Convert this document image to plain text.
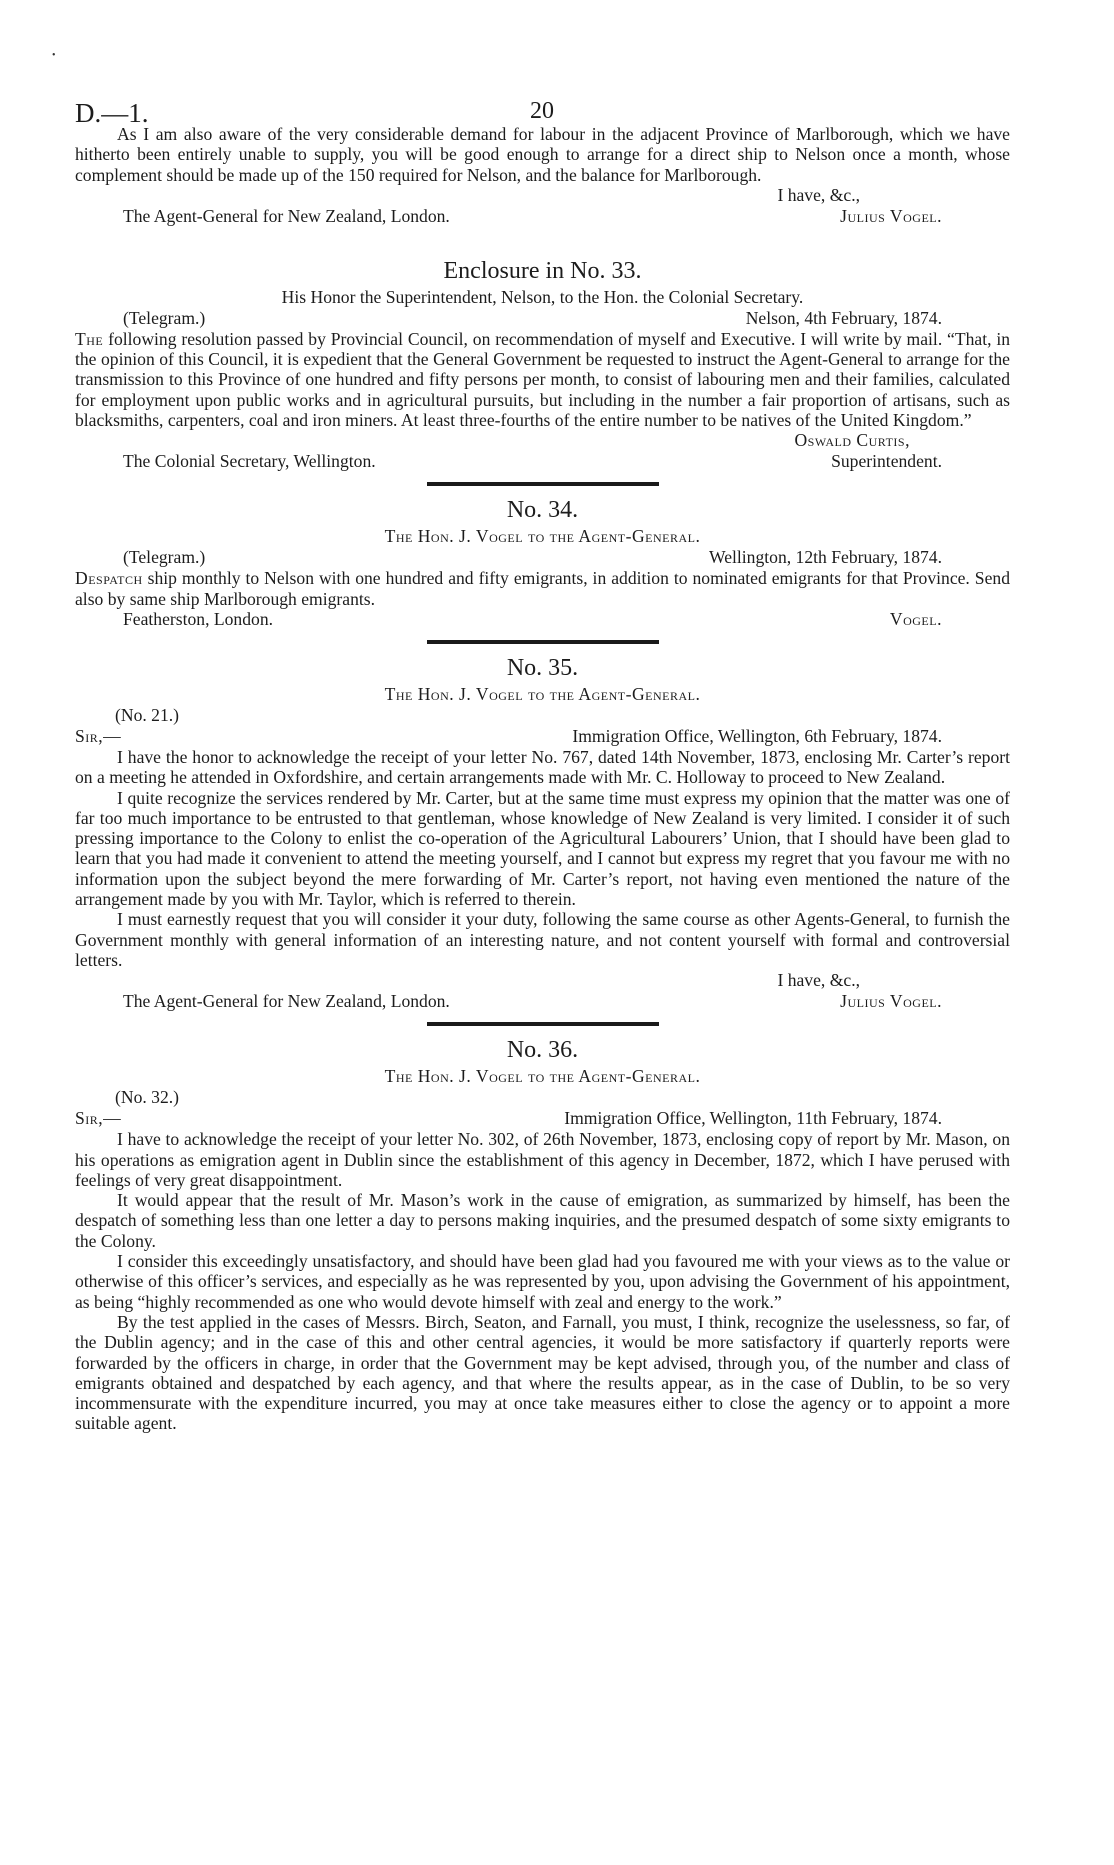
•
D.—1.	20

As I am also aware of the very considerable demand for labour in the adjacent Province of Marlborough, which we have hitherto been entirely unable to supply, you will be good enough to arrange for a direct ship to Nelson once a month, whose complement should be made up of the 150 required for Nelson, and the balance for Marlborough.

I have, &c.,
The Agent-General for New Zealand, London.	Julius Vogel.
Enclosure in No. 33.
His Honor the Superintendent, Nelson, to the Hon. the Colonial Secretary.
(Telegram.)	Nelson, 4th February, 1874.

The following resolution passed by Provincial Council, on recommendation of myself and Executive. I will write by mail. “That, in the opinion of this Council, it is expedient that the General Government be requested to instruct the Agent-General to arrange for the transmission to this Province of one hundred and fifty persons per month, to consist of labouring men and their families, calculated for employment upon public works and in agricultural pursuits, but including in the number a fair proportion of artisans, such as blacksmiths, carpenters, coal and iron miners. At least three-fourths of the entire number to be natives of the United Kingdom.”

Oswald Curtis,
The Colonial Secretary, Wellington.	Superintendent.
No. 34.
The Hon. J. Vogel to the Agent-General.
(Telegram.)	Wellington, 12th February, 1874.

Despatch ship monthly to Nelson with one hundred and fifty emigrants, in addition to nominated emigrants for that Province. Send also by same ship Marlborough emigrants.

Featherston, London.	Vogel.
No. 35.
The Hon. J. Vogel to the Agent-General.
(No. 21.)
Sir,—	Immigration Office, Wellington, 6th February, 1874.

I have the honor to acknowledge the receipt of your letter No. 767, dated 14th November, 1873, enclosing Mr. Carter’s report on a meeting he attended in Oxfordshire, and certain arrangements made with Mr. C. Holloway to proceed to New Zealand.

I quite recognize the services rendered by Mr. Carter, but at the same time must express my opinion that the matter was one of far too much importance to be entrusted to that gentleman, whose knowledge of New Zealand is very limited. I consider it of such pressing importance to the Colony to enlist the co-operation of the Agricultural Labourers’ Union, that I should have been glad to learn that you had made it convenient to attend the meeting yourself, and I cannot but express my regret that you favour me with no information upon the subject beyond the mere forwarding of Mr. Carter’s report, not having even mentioned the nature of the arrangement made by you with Mr. Taylor, which is referred to therein.

I must earnestly request that you will consider it your duty, following the same course as other Agents-General, to furnish the Government monthly with general information of an interesting nature, and not content yourself with formal and controversial letters.

I have, &c.,
The Agent-General for New Zealand, London.	Julius Vogel.
No. 36.
The Hon. J. Vogel to the Agent-General.
(No. 32.)
Sir,—	Immigration Office, Wellington, 11th February, 1874.

I have to acknowledge the receipt of your letter No. 302, of 26th November, 1873, enclosing copy of report by Mr. Mason, on his operations as emigration agent in Dublin since the establishment of this agency in December, 1872, which I have perused with feelings of very great disappointment.

It would appear that the result of Mr. Mason’s work in the cause of emigration, as summarized by himself, has been the despatch of something less than one letter a day to persons making inquiries, and the presumed despatch of some sixty emigrants to the Colony.

I consider this exceedingly unsatisfactory, and should have been glad had you favoured me with your views as to the value or otherwise of this officer’s services, and especially as he was represented by you, upon advising the Government of his appointment, as being “highly recommended as one who would devote himself with zeal and energy to the work.”

By the test applied in the cases of Messrs. Birch, Seaton, and Farnall, you must, I think, recognize the uselessness, so far, of the Dublin agency; and in the case of this and other central agencies, it would be more satisfactory if quarterly reports were forwarded by the officers in charge, in order that the Government may be kept advised, through you, of the number and class of emigrants obtained and despatched by each agency, and that where the results appear, as in the case of Dublin, to be so very incommensurate with the expenditure incurred, you may at once take measures either to close the agency or to appoint a more suitable agent.
